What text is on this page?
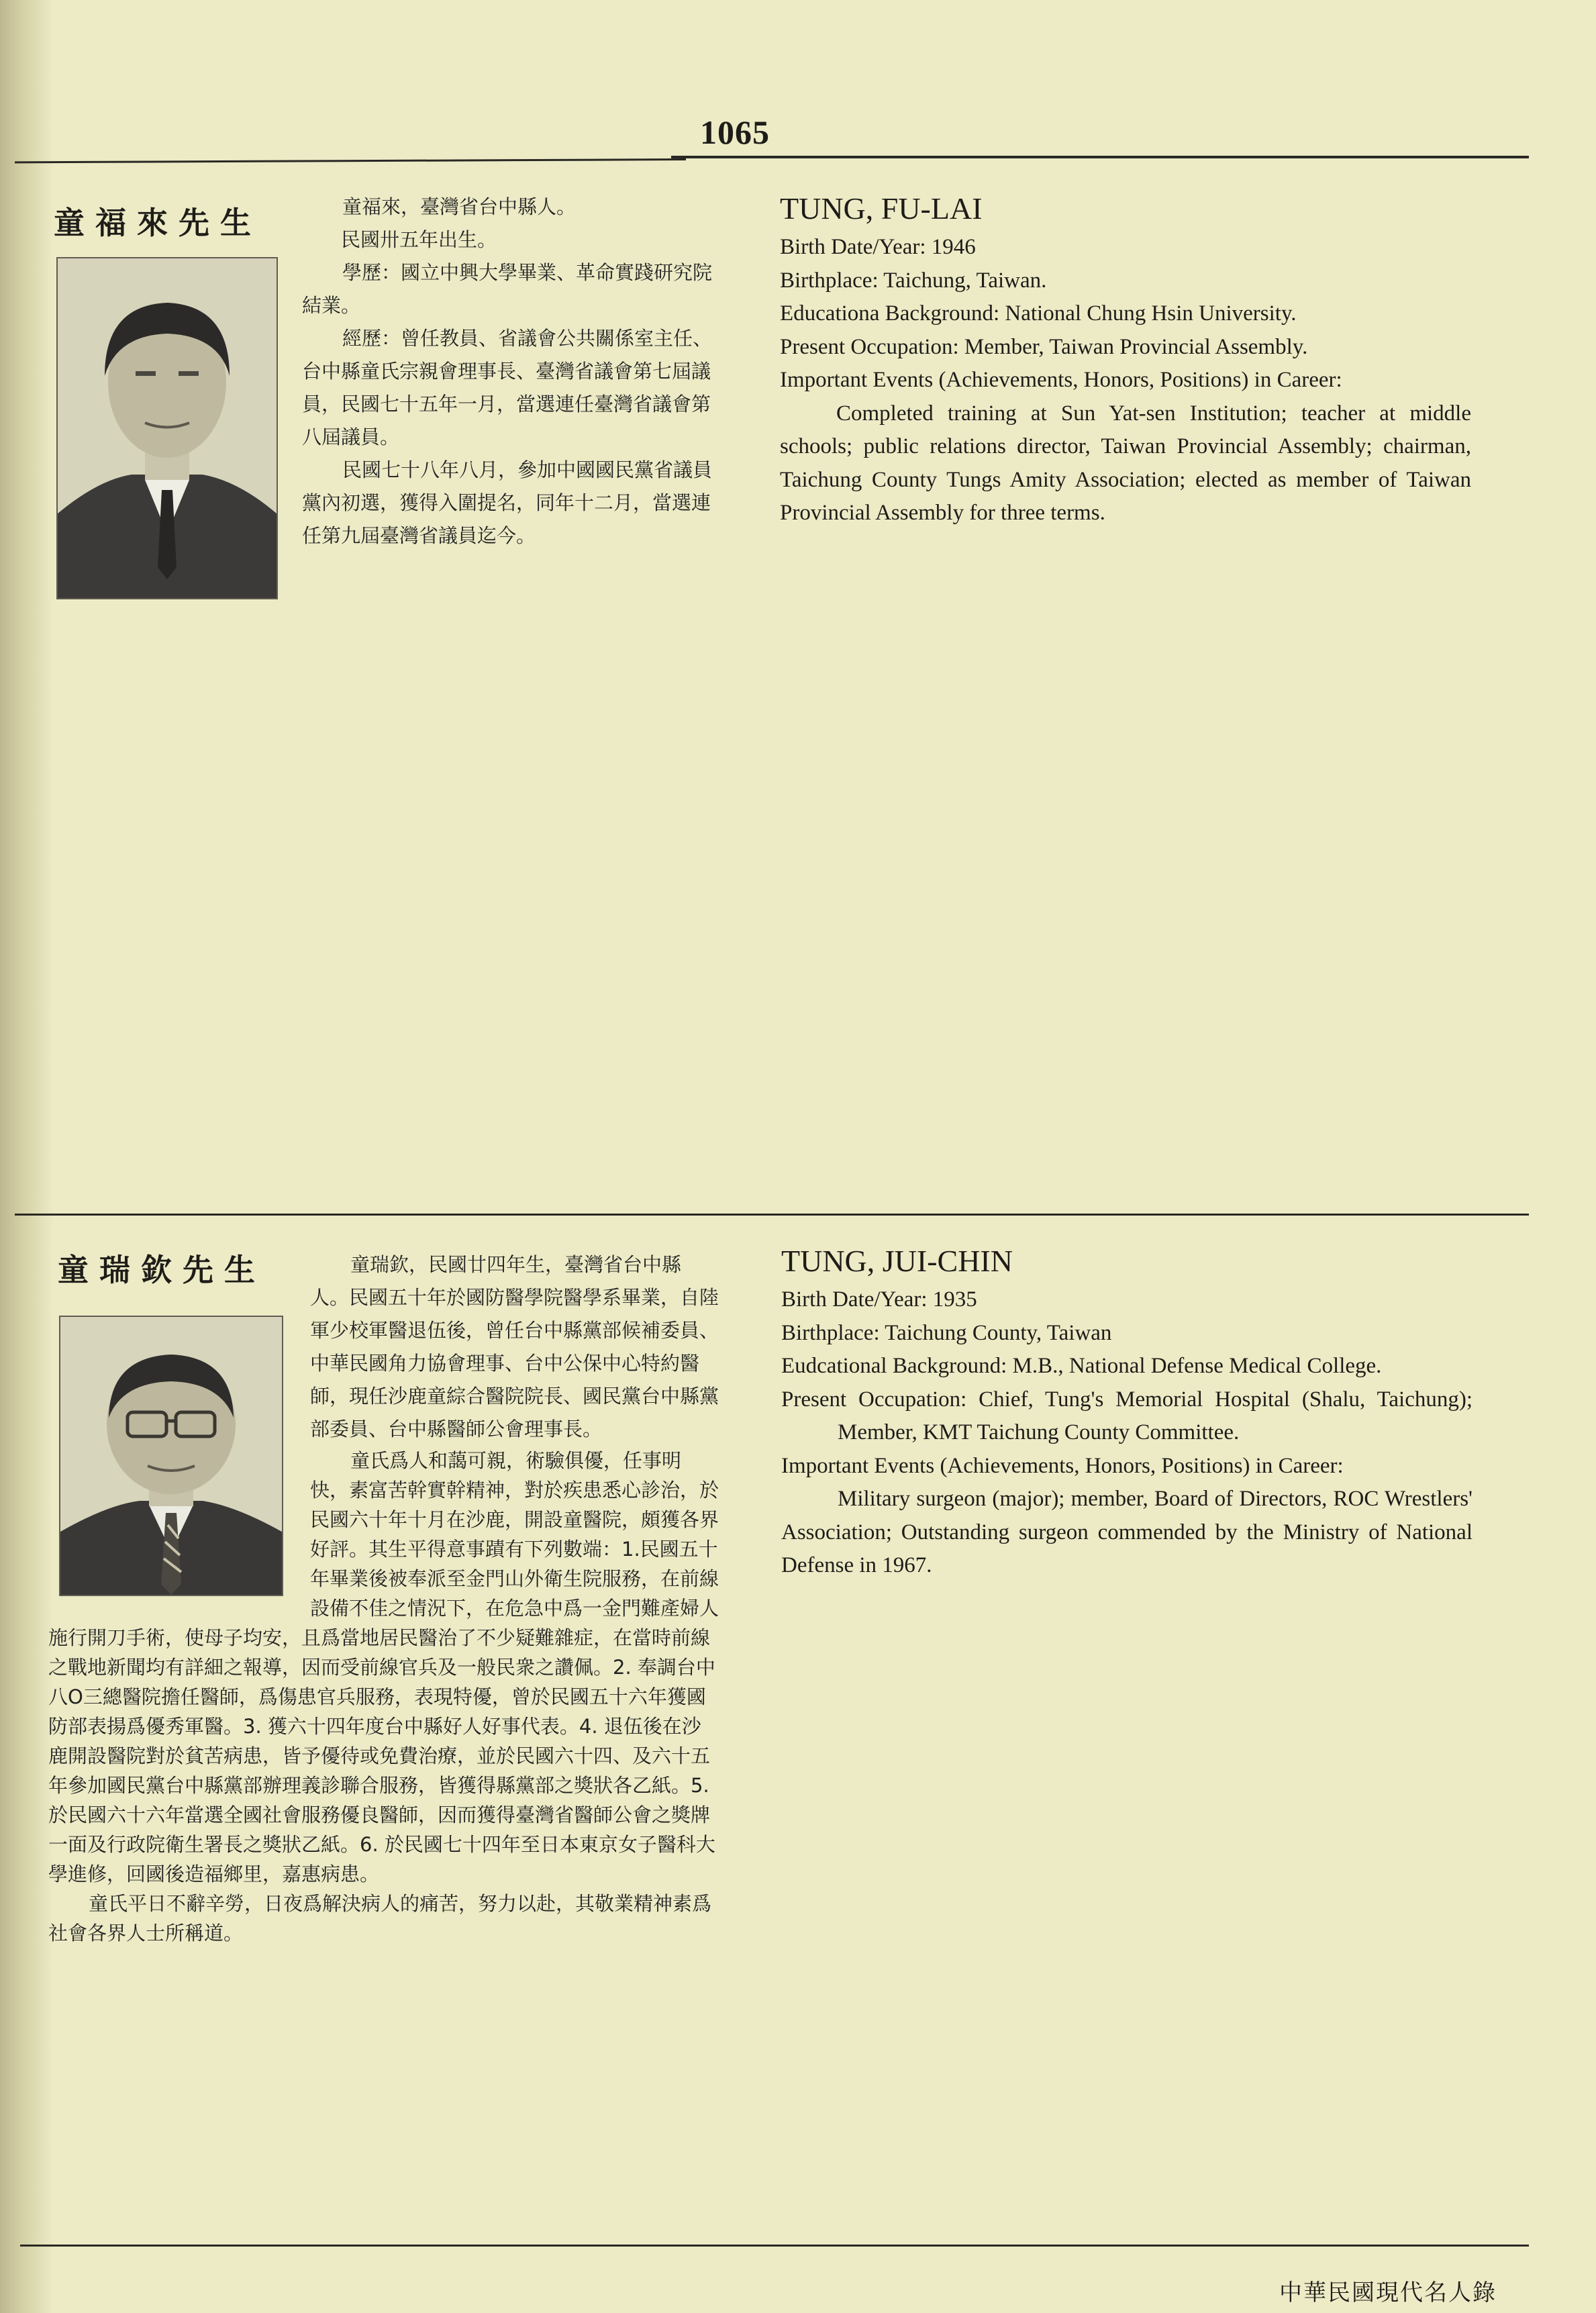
1065
童福來先生	童福來，臺灣省台中縣人。

民國卅五年出生。

學歷：國立中興大學畢業、革命實踐研究院結業。

經歷：曾任教員、省議會公共關係室主任、台中縣童氏宗親會理事長、臺灣省議會第七屆議員，民國七十五年一月，當選連任臺灣省議會第八屆議員。

民國七十八年八月，參加中國國民黨省議員黨內初選，獲得入圍提名，同年十二月，當選連任第九屆臺灣省議員迄今。

TUNG, FU-LAI

Birth Date/Year: 1946

Birthplace: Taichung, Taiwan.

Educationa Background: National Chung Hsin University.

Present Occupation: Member, Taiwan Provincial Assembly.

Important Events (Achievements, Honors, Positions) in Career:

Completed training at Sun Yat-sen Institution; teacher at middle schools; public relations director, Taiwan Provincial Assembly; chairman, Taichung County Tungs Amity Association; elected as member of Taiwan Provincial Assembly for three terms.

童瑞欽先生	童瑞欽，民國廿四年生，臺灣省台中縣人。民國五十年於國防醫學院醫學系畢業，自陸軍少校軍醫退伍後，曾任台中縣黨部候補委員、中華民國角力協會理事、台中公保中心特約醫師，現任沙鹿童綜合醫院院長、國民黨台中縣黨部委員、台中縣醫師公會理事長。

童氏爲人和藹可親，術驗俱優，任事明快，素富苦幹實幹精神，對於疾患悉心診治，於民國六十年十月在沙鹿，開設童醫院，頗獲各界好評。其生平得意事蹟有下列數端：1.民國五十年畢業後被奉派至金門山外衛生院服務，在前線設備不佳之情況下，在危急中爲一金門難產婦人施行開刀手術，使母子均安，且爲當地居民醫治了不少疑難雜症，在當時前線之戰地新聞均有詳細之報導，因而受前線官兵及一般民衆之讚佩。2. 奉調台中八O三總醫院擔任醫師，爲傷患官兵服務，表現特優，曾於民國五十六年獲國防部表揚爲優秀軍醫。3. 獲六十四年度台中縣好人好事代表。4. 退伍後在沙鹿開設醫院對於貧苦病患，皆予優待或免費治療，並於民國六十四、及六十五年參加國民黨台中縣黨部辦理義診聯合服務，皆獲得縣黨部之獎狀各乙紙。5. 於民國六十六年當選全國社會服務優良醫師，因而獲得臺灣省醫師公會之獎牌一面及行政院衛生署長之獎狀乙紙。6. 於民國七十四年至日本東京女子醫科大學進修，回國後造福鄉里，嘉惠病患。

童氏平日不辭辛勞，日夜爲解決病人的痛苦，努力以赴，其敬業精神素爲社會各界人士所稱道。

TUNG, JUI-CHIN

Birth Date/Year: 1935

Birthplace: Taichung County, Taiwan

Eudcational Background: M.B., National Defense Medical College.

Present Occupation: Chief, Tung's Memorial Hospital (Shalu, Taichung); Member, KMT Taichung County Committee.

Important Events (Achievements, Honors, Positions) in Career:

Military surgeon (major); member, Board of Directors, ROC Wrestlers' Association; Outstanding surgeon commended by the Ministry of National Defense in 1967.

中華民國現代名人錄
